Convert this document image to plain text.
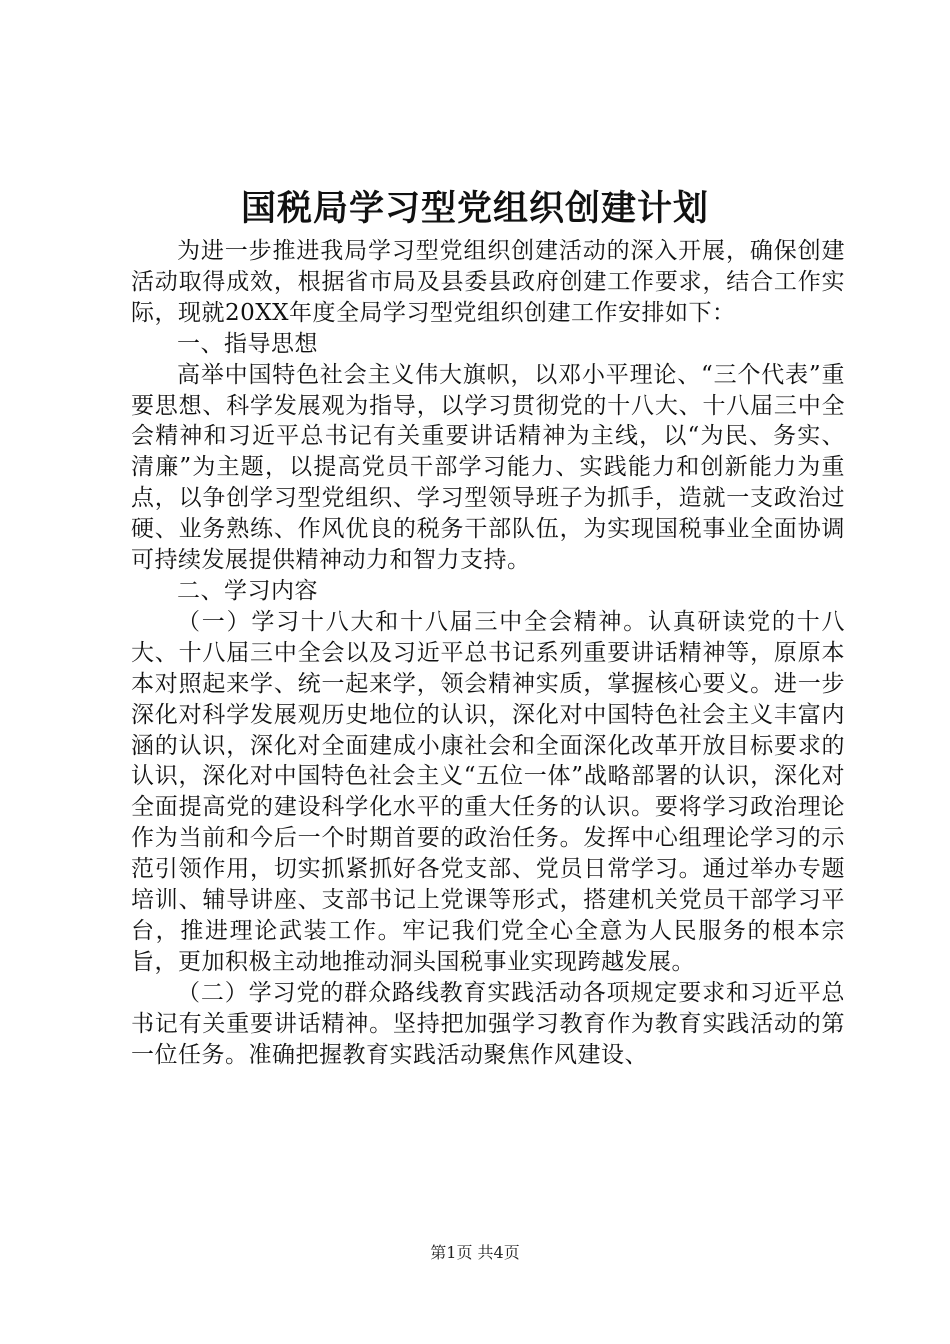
国税局学习型党组织创建计划

为进一步推进我局学习型党组织创建活动的深入开展，确保创建活动取得成效，根据省市局及县委县政府创建工作要求，结合工作实际，现就20XX年度全局学习型党组织创建工作安排如下：

一、指导思想

高举中国特色社会主义伟大旗帜，以邓小平理论、“三个代表”重要思想、科学发展观为指导，以学习贯彻党的十八大、十八届三中全会精神和习近平总书记有关重要讲话精神为主线，以“为民、务实、清廉”为主题，以提高党员干部学习能力、实践能力和创新能力为重点，以争创学习型党组织、学习型领导班子为抓手，造就一支政治过硬、业务熟练、作风优良的税务干部队伍，为实现国税事业全面协调可持续发展提供精神动力和智力支持。

二、学习内容

（一）学习十八大和十八届三中全会精神。认真研读党的十八大、十八届三中全会以及习近平总书记系列重要讲话精神等，原原本本对照起来学、统一起来学，领会精神实质，掌握核心要义。进一步深化对科学发展观历史地位的认识，深化对中国特色社会主义丰富内涵的认识，深化对全面建成小康社会和全面深化改革开放目标要求的认识，深化对中国特色社会主义“五位一体”战略部署的认识，深化对全面提高党的建设科学化水平的重大任务的认识。要将学习政治理论作为当前和今后一个时期首要的政治任务。发挥中心组理论学习的示范引领作用，切实抓紧抓好各党支部、党员日常学习。通过举办专题培训、辅导讲座、支部书记上党课等形式，搭建机关党员干部学习平台，推进理论武装工作。牢记我们党全心全意为人民服务的根本宗旨，更加积极主动地推动洞头国税事业实现跨越发展。

（二）学习党的群众路线教育实践活动各项规定要求和习近平总书记有关重要讲话精神。坚持把加强学习教育作为教育实践活动的第一位任务。准确把握教育实践活动聚焦作风建设、

第1页 共4页
